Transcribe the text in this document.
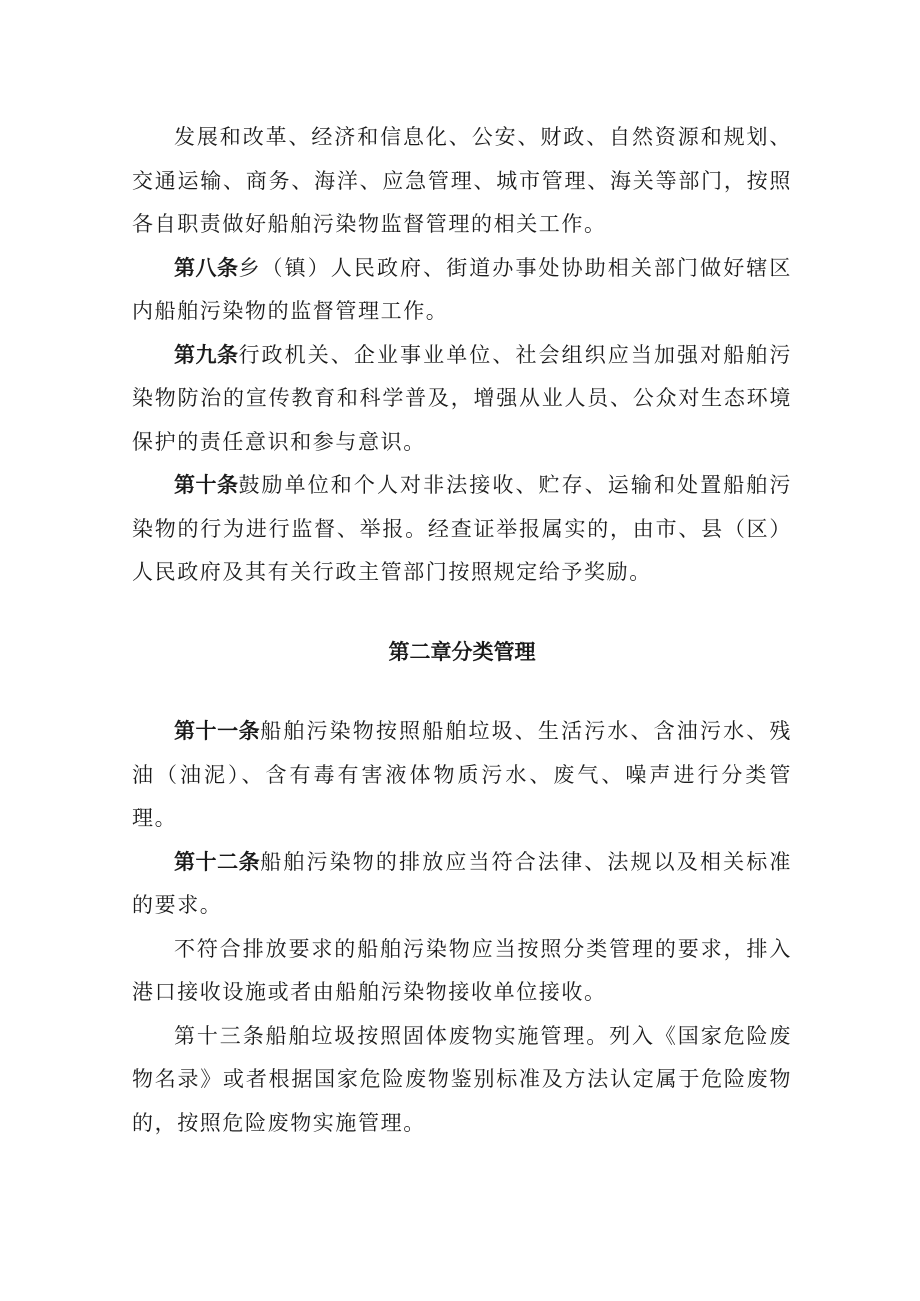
发展和改革、经济和信息化、公安、财政、自然资源和规划、交通运输、商务、海洋、应急管理、城市管理、海关等部门，按照各自职责做好船舶污染物监督管理的相关工作。

第八条乡（镇）人民政府、街道办事处协助相关部门做好辖区内船舶污染物的监督管理工作。

第九条行政机关、企业事业单位、社会组织应当加强对船舶污染物防治的宣传教育和科学普及，增强从业人员、公众对生态环境保护的责任意识和参与意识。

第十条鼓励单位和个人对非法接收、贮存、运输和处置船舶污染物的行为进行监督、举报。经查证举报属实的，由市、县（区）人民政府及其有关行政主管部门按照规定给予奖励。

第二章分类管理

第十一条船舶污染物按照船舶垃圾、生活污水、含油污水、残油（油泥）、含有毒有害液体物质污水、废气、噪声进行分类管理。

第十二条船舶污染物的排放应当符合法律、法规以及相关标准的要求。

不符合排放要求的船舶污染物应当按照分类管理的要求，排入港口接收设施或者由船舶污染物接收单位接收。

第十三条船舶垃圾按照固体废物实施管理。列入《国家危险废物名录》或者根据国家危险废物鉴别标准及方法认定属于危险废物的，按照危险废物实施管理。
